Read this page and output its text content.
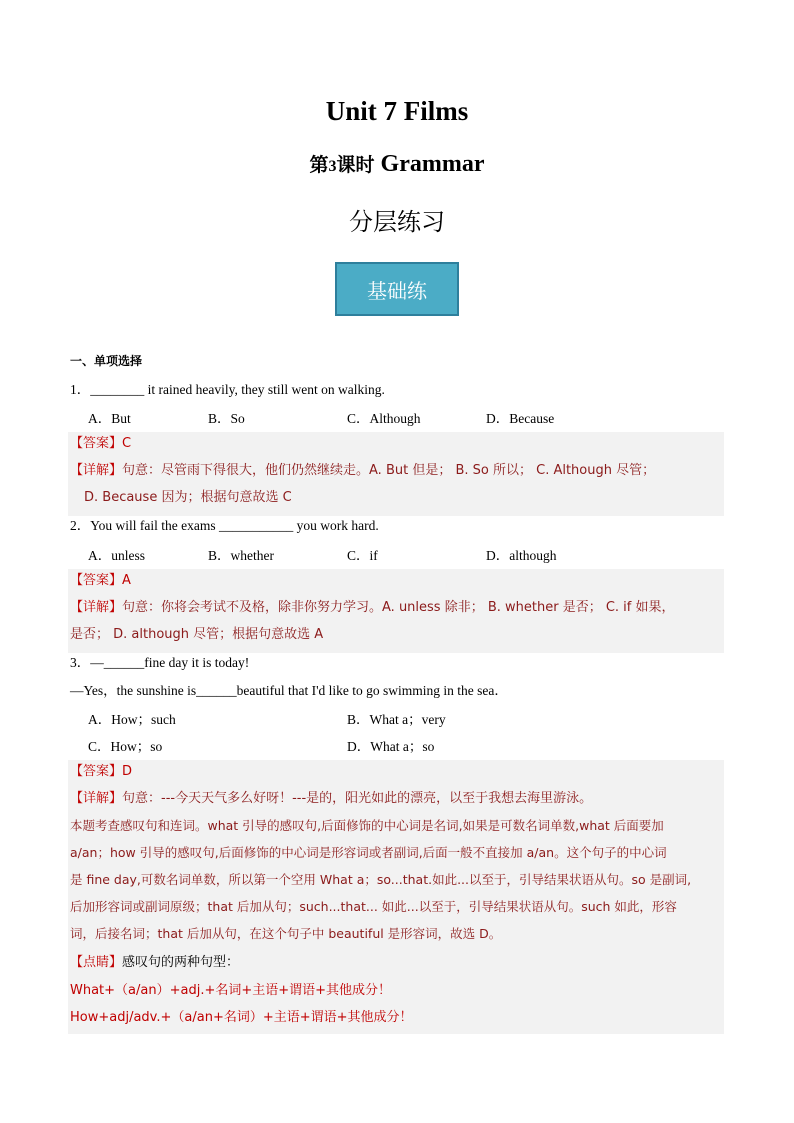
Unit 7 Films
第3课时 Grammar
分层练习
基础练
一、单项选择
1．________ it rained heavily, they still went on walking.
A．But	B．So	C．Although	D．Because
【答案】C
【详解】句意：尽管雨下得很大，他们仍然继续走。A. But 但是； B. So 所以； C. Although 尽管；
D. Because 因为；根据句意故选 C
2．You will fail the exams ___________ you work hard.
A．unless	B．whether	C．if	D．although
【答案】A
【详解】句意：你将会考试不及格，除非你努力学习。A. unless 除非； B. whether 是否； C. if 如果，
是否； D. although 尽管；根据句意故选 A
3．—______fine day it is today!
—Yes，the sunshine is______beautiful that I'd like to go swimming in the sea．
A．How；such	B．What a；very
C．How；so	D．What a；so
【答案】D
【详解】句意：---今天天气多么好呀！---是的，阳光如此的漂亮，以至于我想去海里游泳。
本题考查感叹句和连词。what 引导的感叹句,后面修饰的中心词是名词,如果是可数名词单数,what 后面要加
a/an；how 引导的感叹句,后面修饰的中心词是形容词或者副词,后面一般不直接加 a/an。这个句子的中心词
是 fine day,可数名词单数，所以第一个空用 What a；so...that.如此...以至于，引导结果状语从句。so 是副词,
后加形容词或副词原级；that 后加从句；such...that... 如此...以至于，引导结果状语从句。such 如此，形容
词，后接名词；that 后加从句，在这个句子中 beautiful 是形容词，故选 D。
【点睛】感叹句的两种句型：
What+（a/an）+adj.+名词+主语+谓语+其他成分！
How+adj/adv.+（a/an+名词）+主语+谓语+其他成分！
